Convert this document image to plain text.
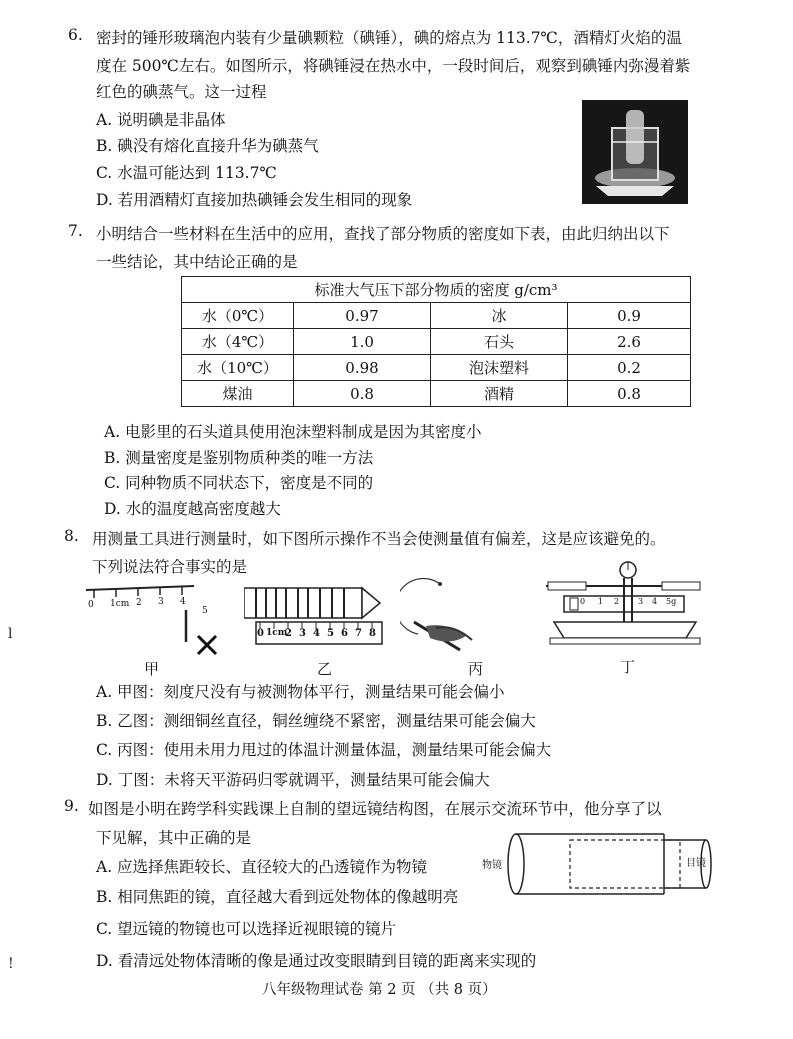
6. 密封的锤形玻璃泡内装有少量碘颗粒（碘锤），碘的熔点为 113.7℃，酒精灯火焰的温
度在 500℃左右。如图所示，将碘锤浸在热水中，一段时间后，观察到碘锤内弥漫着紫
红色的碘蒸气。这一过程
A. 说明碘是非晶体
B. 碘没有熔化直接升华为碘蒸气
C. 水温可能达到 113.7℃
D. 若用酒精灯直接加热碘锤会发生相同的现象
7. 小明结合一些材料在生活中的应用，查找了部分物质的密度如下表，由此归纳出以下
一些结论，其中结论正确的是
标准大气压下部分物质的密度 g/cm³			
水（0℃）	0.97	冰	0.9
水（4℃）	1.0	石头	2.6
水（10℃）	0.98	泡沫塑料	0.2
煤油	0.8	酒精	0.8
A. 电影里的石头道具使用泡沫塑料制成是因为其密度小
B. 测量密度是鉴别物质种类的唯一方法
C. 同种物质不同状态下，密度是不同的
D. 水的温度越高密度越大
8. 用测量工具进行测量时，如下图所示操作不当会使测量值有偏差，这是应该避免的。
下列说法符合事实的是
0 1cm 2 3 4
5
甲
0 1cm
2 3 4 5 6 7 8
乙	丙
0 1 2 3 4 5g
丁
A. 甲图：刻度尺没有与被测物体平行，测量结果可能会偏小
B. 乙图：测细铜丝直径，铜丝缠绕不紧密，测量结果可能会偏大
C. 丙图：使用未用力甩过的体温计测量体温，测量结果可能会偏大
D. 丁图：未将天平游码归零就调平，测量结果可能会偏大
9. 如图是小明在跨学科实践课上自制的望远镜结构图，在展示交流环节中，他分享了以
下见解，其中正确的是
A. 应选择焦距较长、直径较大的凸透镜作为物镜
B. 相同焦距的镜，直径越大看到远处物体的像越明亮
C. 望远镜的物镜也可以选择近视眼镜的镜片
D. 看清远处物体清晰的像是通过改变眼睛到目镜的距离来实现的
物镜	目镜
八年级物理试卷 第 2 页 （共 8 页）
l
!
